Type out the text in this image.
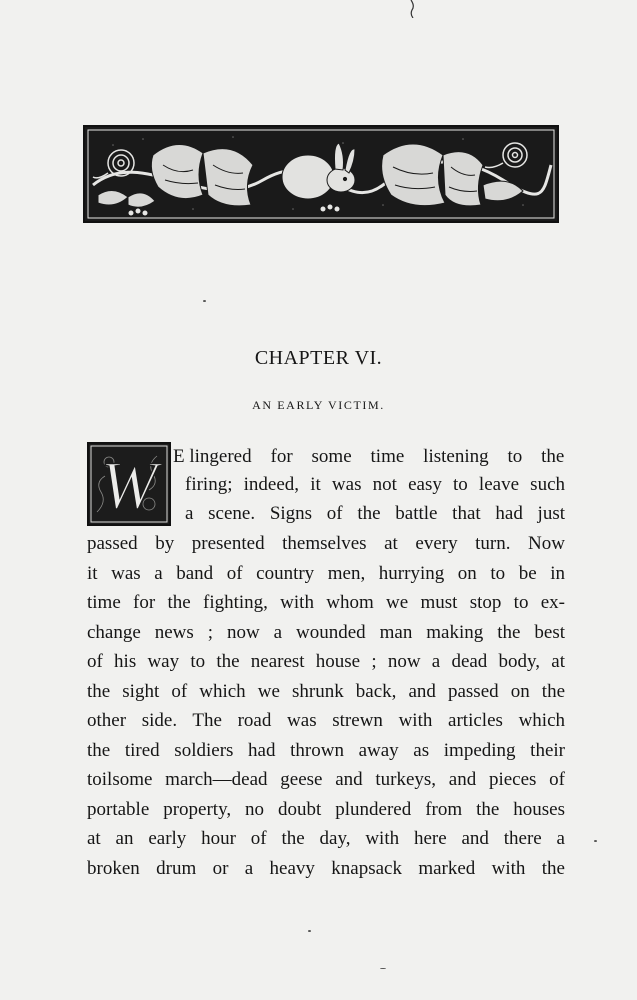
CHAPTER VI.
AN EARLY VICTIM.
W E lingered for some time listening to the
firing; indeed, it was not easy to leave such
a scene. Signs of the battle that had just
passed by presented themselves at every turn. Now
it was a band of country men, hurrying on to be in
time for the fighting, with whom we must stop to ex-
change news ; now a wounded man making the best
of his way to the nearest house ; now a dead body, at
the sight of which we shrunk back, and passed on the
other side. The road was strewn with articles which
the tired soldiers had thrown away as impeding their
toilsome march—dead geese and turkeys, and pieces of
portable property, no doubt plundered from the houses
at an early hour of the day, with here and there a
broken drum or a heavy knapsack marked with the
